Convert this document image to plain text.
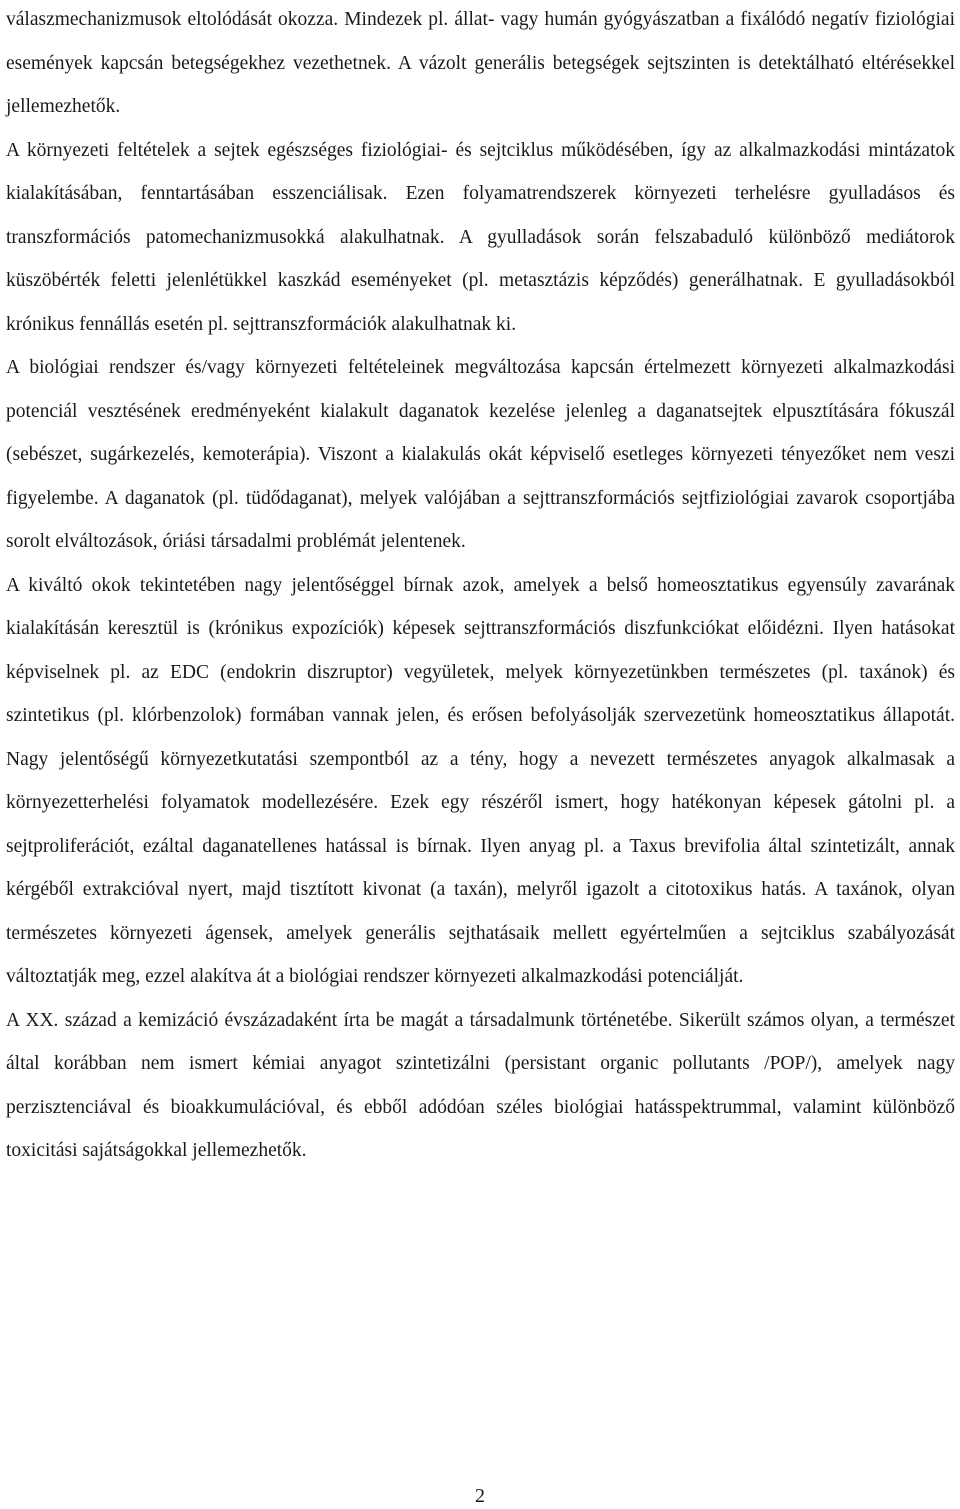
válaszmechanizmusok eltolódását okozza. Mindezek pl. állat- vagy humán gyógyászatban a fixálódó negatív fiziológiai események kapcsán betegségekhez vezethetnek. A vázolt generális betegségek sejtszinten is detektálható eltérésekkel jellemezhetők.

A környezeti feltételek a sejtek egészséges fiziológiai- és sejtciklus működésében, így az alkalmazkodási mintázatok kialakításában, fenntartásában esszenciálisak. Ezen folyamatrendszerek környezeti terhelésre gyulladásos és transzformációs patomechanizmusokká alakulhatnak. A gyulladások során felszabaduló különböző mediátorok küszöbérték feletti jelenlétükkel kaszkád eseményeket (pl. metasztázis képződés) generálhatnak. E gyulladásokból krónikus fennállás esetén pl. sejttranszformációk alakulhatnak ki.

A biológiai rendszer és/vagy környezeti feltételeinek megváltozása kapcsán értelmezett környezeti alkalmazkodási potenciál vesztésének eredményeként kialakult daganatok kezelése jelenleg a daganatsejtek elpusztítására fókuszál (sebészet, sugárkezelés, kemoterápia). Viszont a kialakulás okát képviselő esetleges környezeti tényezőket nem veszi figyelembe. A daganatok (pl. tüdődaganat), melyek valójában a sejttranszformációs sejtfiziológiai zavarok csoportjába sorolt elváltozások, óriási társadalmi problémát jelentenek.

A kiváltó okok tekintetében nagy jelentőséggel bírnak azok, amelyek a belső homeosztatikus egyensúly zavarának kialakításán keresztül is (krónikus expozíciók) képesek sejttranszformációs diszfunkciókat előidézni. Ilyen hatásokat képviselnek pl. az EDC (endokrin diszruptor) vegyületek, melyek környezetünkben természetes (pl. taxánok) és szintetikus (pl. klórbenzolok) formában vannak jelen, és erősen befolyásolják szervezetünk homeosztatikus állapotát. Nagy jelentőségű környezetkutatási szempontból az a tény, hogy a nevezett természetes anyagok alkalmasak a környezetterhelési folyamatok modellezésére. Ezek egy részéről ismert, hogy hatékonyan képesek gátolni pl. a sejtproliferációt, ezáltal daganatellenes hatással is bírnak. Ilyen anyag pl. a Taxus brevifolia által szintetizált, annak kérgéből extrakcióval nyert, majd tisztított kivonat (a taxán), melyről igazolt a citotoxikus hatás. A taxánok, olyan természetes környezeti ágensek, amelyek generális sejthatásaik mellett egyértelműen a sejtciklus szabályozását változtatják meg, ezzel alakítva át a biológiai rendszer környezeti alkalmazkodási potenciálját.

A XX. század a kemizáció évszázadaként írta be magát a társadalmunk történetébe. Sikerült számos olyan, a természet által korábban nem ismert kémiai anyagot szintetizálni (persistant organic pollutants /POP/), amelyek nagy perzisztenciával és bioakkumulációval, és ebből adódóan széles biológiai hatásspektrummal, valamint különböző toxicitási sajátságokkal jellemezhetők.

2
